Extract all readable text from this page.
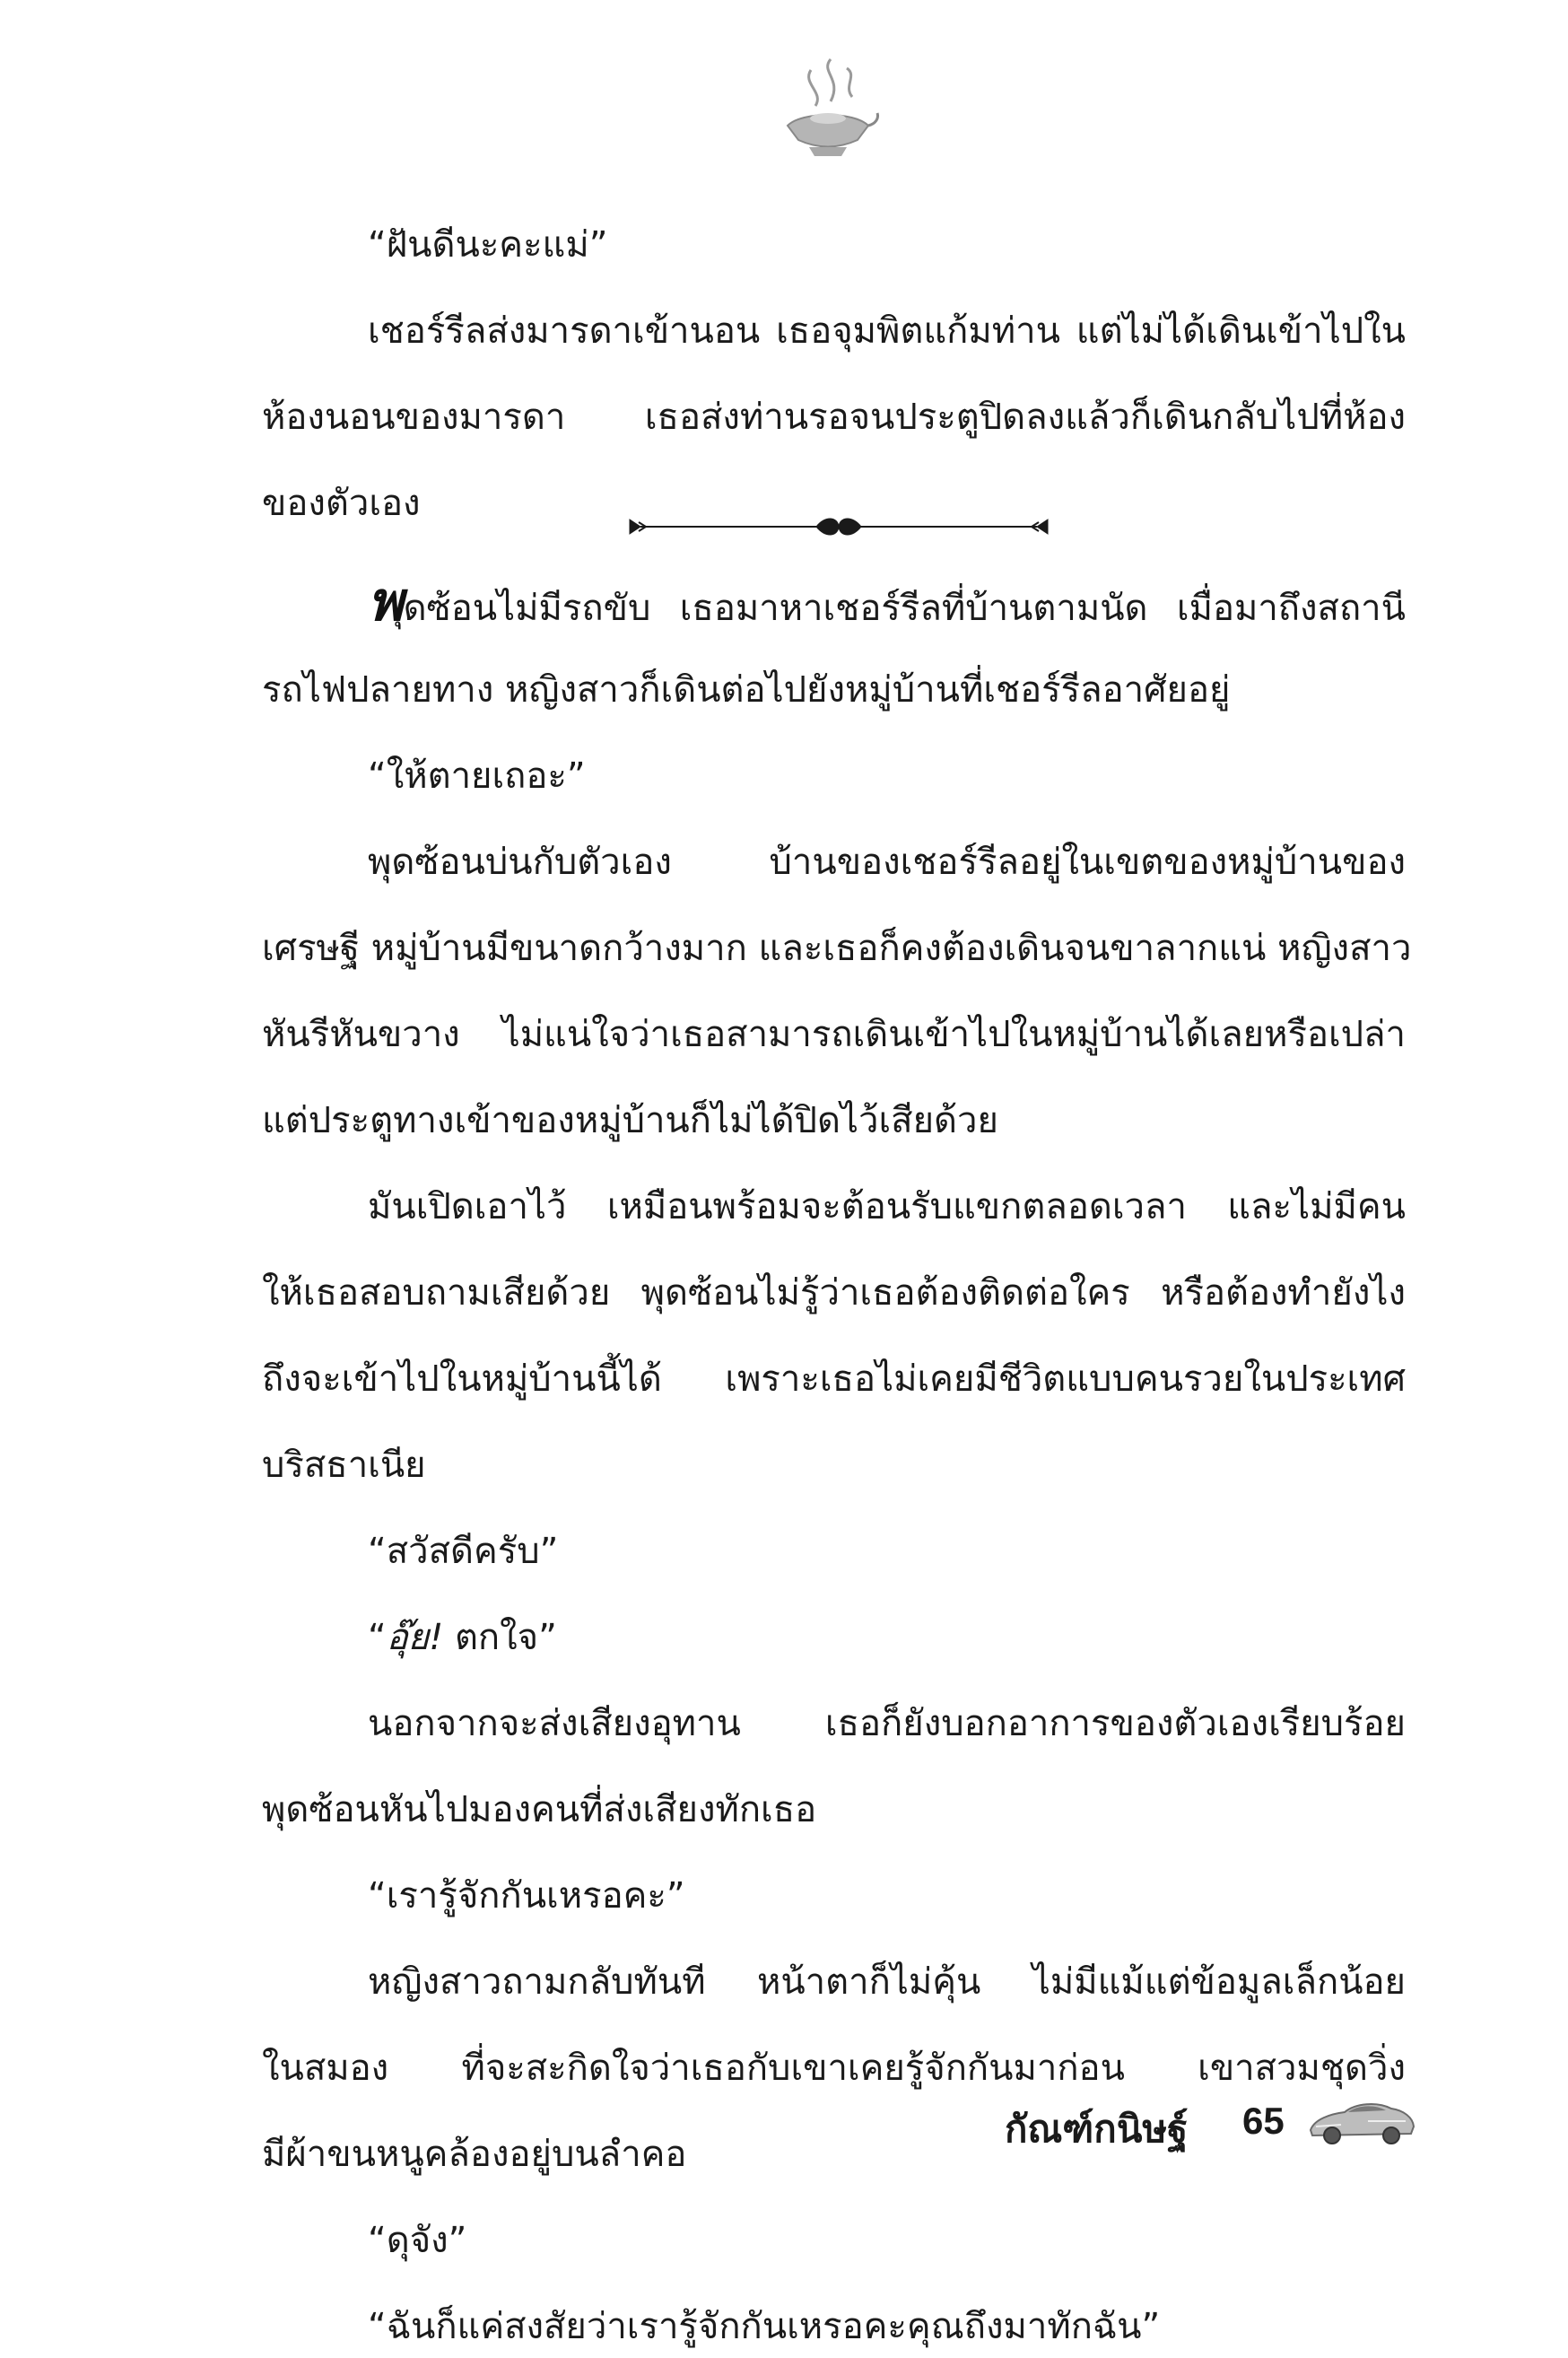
“ฝันดีนะคะแม่”
เชอร์รีลส่งมารดาเข้านอน เธอจุมพิตแก้มท่าน แต่ไม่ได้เดินเข้าไปใน
ห้องนอนของมารดา เธอส่งท่านรอจนประตูปิดลงแล้วก็เดินกลับไปที่ห้อง
ของตัวเอง
พุดซ้อนไม่มีรถขับ เธอมาหาเชอร์รีลที่บ้านตามนัด เมื่อมาถึงสถานี
รถไฟปลายทาง หญิงสาวก็เดินต่อไปยังหมู่บ้านที่เชอร์รีลอาศัยอยู่
“ให้ตายเถอะ”
พุดซ้อนบ่นกับตัวเอง บ้านของเชอร์รีลอยู่ในเขตของหมู่บ้านของ
เศรษฐี หมู่บ้านมีขนาดกว้างมาก และเธอก็คงต้องเดินจนขาลากแน่ หญิงสาว
หันรีหันขวาง ไม่แน่ใจว่าเธอสามารถเดินเข้าไปในหมู่บ้านได้เลยหรือเปล่า
แต่ประตูทางเข้าของหมู่บ้านก็ไม่ได้ปิดไว้เสียด้วย
มันเปิดเอาไว้ เหมือนพร้อมจะต้อนรับแขกตลอดเวลา และไม่มีคน
ให้เธอสอบถามเสียด้วย พุดซ้อนไม่รู้ว่าเธอต้องติดต่อใคร หรือต้องทำยังไง
ถึงจะเข้าไปในหมู่บ้านนี้ได้ เพราะเธอไม่เคยมีชีวิตแบบคนรวยในประเทศ
บริสธาเนีย
“สวัสดีครับ”
“อุ๊ย! ตกใจ”
นอกจากจะส่งเสียงอุทาน เธอก็ยังบอกอาการของตัวเองเรียบร้อย
พุดซ้อนหันไปมองคนที่ส่งเสียงทักเธอ
“เรารู้จักกันเหรอคะ”
หญิงสาวถามกลับทันที หน้าตาก็ไม่คุ้น ไม่มีแม้แต่ข้อมูลเล็กน้อย
ในสมอง ที่จะสะกิดใจว่าเธอกับเขาเคยรู้จักกันมาก่อน เขาสวมชุดวิ่ง
มีผ้าขนหนูคล้องอยู่บนลำคอ
“ดุจัง”
“ฉันก็แค่สงสัยว่าเรารู้จักกันเหรอคะคุณถึงมาทักฉัน”
กัณฑ์กนิษฐ์ 65
